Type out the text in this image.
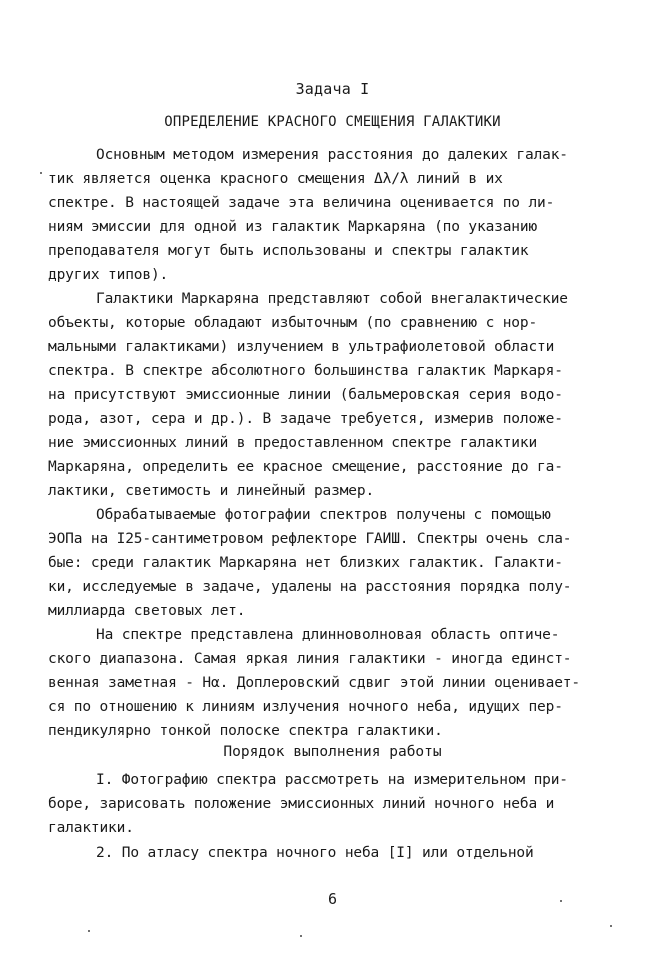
Задача I
ОПРЕДЕЛЕНИЕ КРАСНОГО СМЕЩЕНИЯ ГАЛАКТИКИ
Основным методом измерения расстояния до далеких галак-
тик является оценка красного смещения Δλ/λ линий в их
спектре. В настоящей задаче эта величина оценивается по ли-
ниям эмиссии для одной из галактик Маркаряна (по указанию
преподавателя могут быть использованы и спектры галактик
других типов).
Галактики Маркаряна представляют собой внегалактические
объекты, которые обладают избыточным (по сравнению с нор-
мальными галактиками) излучением в ультрафиолетовой области
спектра. В спектре абсолютного большинства галактик Маркаря-
на присутствуют эмиссионные линии (бальмеровская серия водо-
рода, азот, сера и др.). В задаче требуется, измерив положе-
ние эмиссионных линий в предоставленном спектре галактики
Маркаряна, определить ее красное смещение, расстояние до га-
лактики, светимость и линейный размер.
Обрабатываемые фотографии спектров получены с помощью
ЭОПа на I25-сантиметровом рефлекторе ГАИШ. Спектры очень сла-
бые: среди галактик Маркаряна нет близких галактик. Галакти-
ки, исследуемые в задаче, удалены на расстояния порядка полу-
миллиарда световых лет.
На спектре представлена длинноволновая область оптиче-
ского диапазона. Самая яркая линия галактики - иногда единст-
венная заметная - Hα. Доплеровский сдвиг этой линии оценивает-
ся по отношению к линиям излучения ночного неба, идущих пер-
пендикулярно тонкой полоске спектра галактики.
Порядок выполнения работы
I. Фотографию спектра рассмотреть на измерительном при-
боре, зарисовать положение эмиссионных линий ночного неба и
галактики.
2. По атласу спектра ночного неба [I] или отдельной
6
